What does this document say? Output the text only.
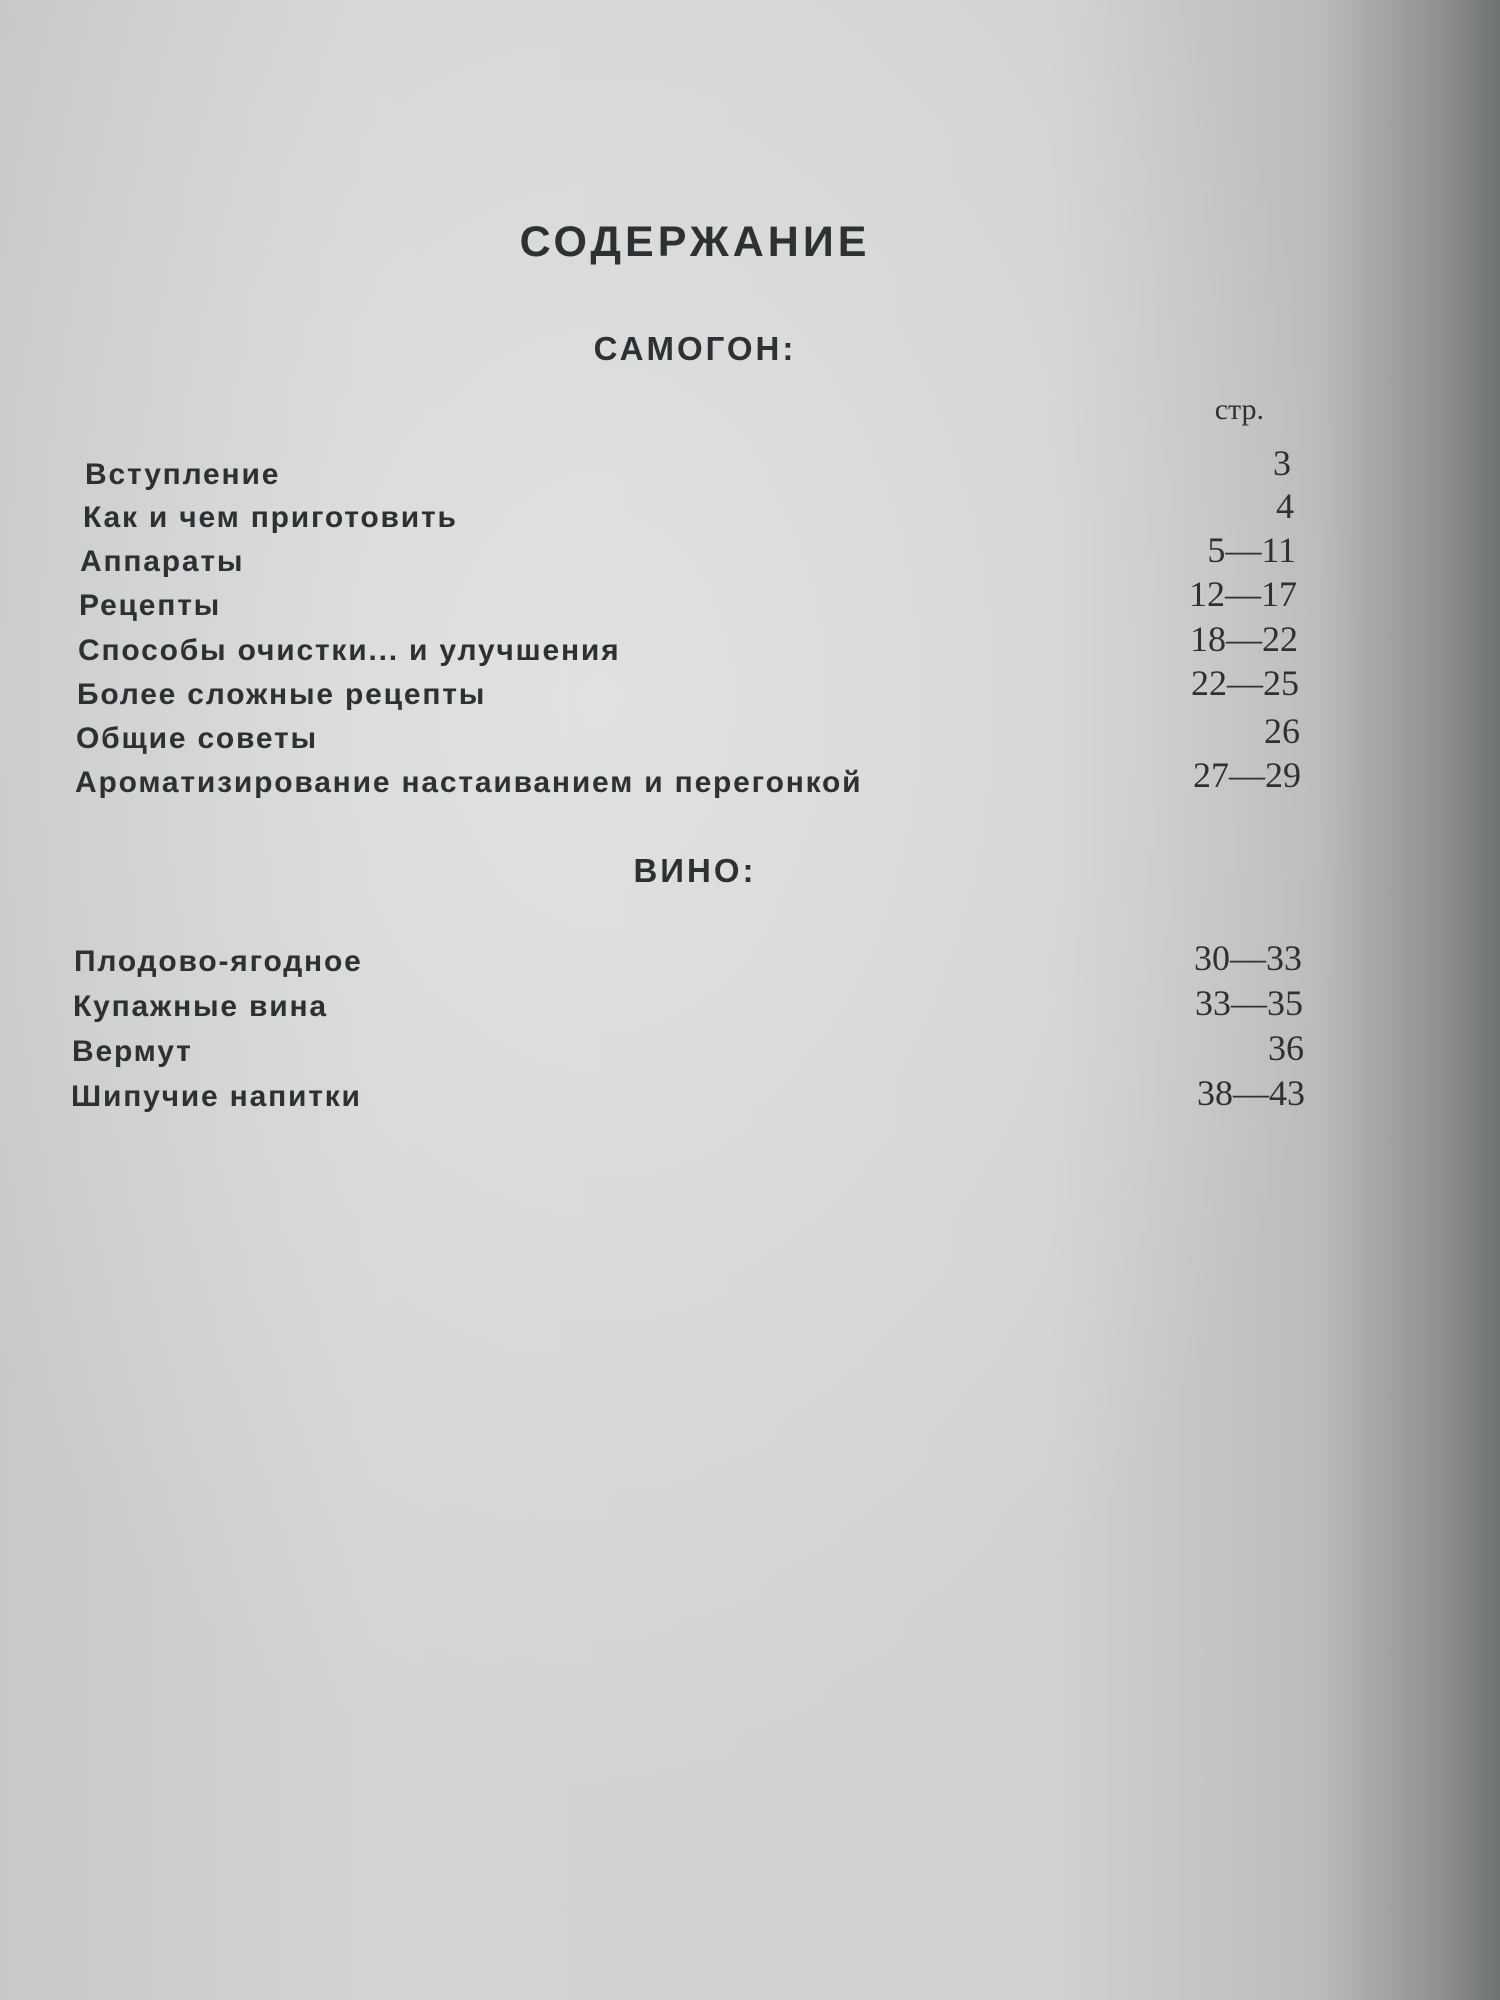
СОДЕРЖАНИЕ
САМОГОН:
стр.
Вступление	3
Как и чем приготовить	4
Аппараты	5—11
Рецепты	12—17
Способы очистки... и улучшения	18—22
Более сложные рецепты	22—25
Общие советы	26
Ароматизирование настаиванием и перегонкой	27—29
ВИНО:
Плодово-ягодное	30—33
Купажные вина	33—35
Вермут	36
Шипучие напитки	38—43
